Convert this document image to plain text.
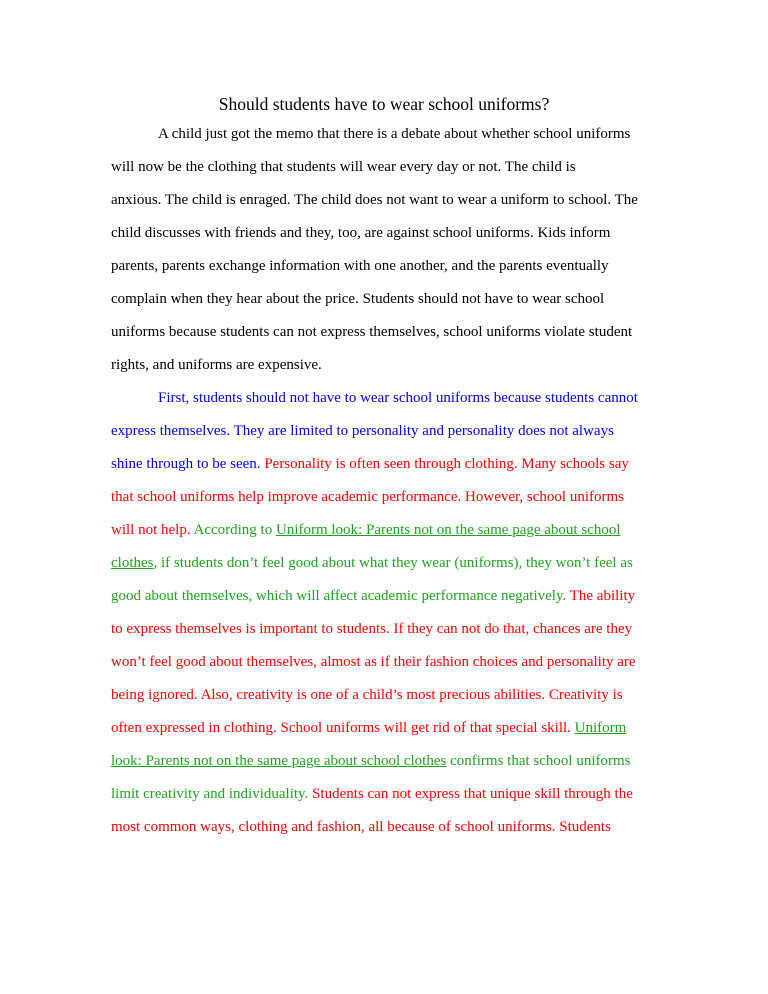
Should students have to wear school uniforms?
A child just got the memo that there is a debate about whether school uniforms
will now be the clothing that students will wear every day or not. The child is
anxious. The child is enraged. The child does not want to wear a uniform to school. The
child discusses with friends and they, too, are against school uniforms. Kids inform
parents, parents exchange information with one another, and the parents eventually
complain when they hear about the price. Students should not have to wear school
uniforms because students can not express themselves, school uniforms violate student
rights, and uniforms are expensive.
First, students should not have to wear school uniforms because students cannot
express themselves. They are limited to personality and personality does not always
shine through to be seen. Personality is often seen through clothing. Many schools say
that school uniforms help improve academic performance. However, school uniforms
will not help. According to Uniform look: Parents not on the same page about school
clothes, if students don’t feel good about what they wear (uniforms), they won’t feel as
good about themselves, which will affect academic performance negatively. The ability
to express themselves is important to students. If they can not do that, chances are they
won’t feel good about themselves, almost as if their fashion choices and personality are
being ignored. Also, creativity is one of a child’s most precious abilities. Creativity is
often expressed in clothing. School uniforms will get rid of that special skill. Uniform
look: Parents not on the same page about school clothes confirms that school uniforms
limit creativity and individuality. Students can not express that unique skill through the
most common ways, clothing and fashion, all because of school uniforms. Students
